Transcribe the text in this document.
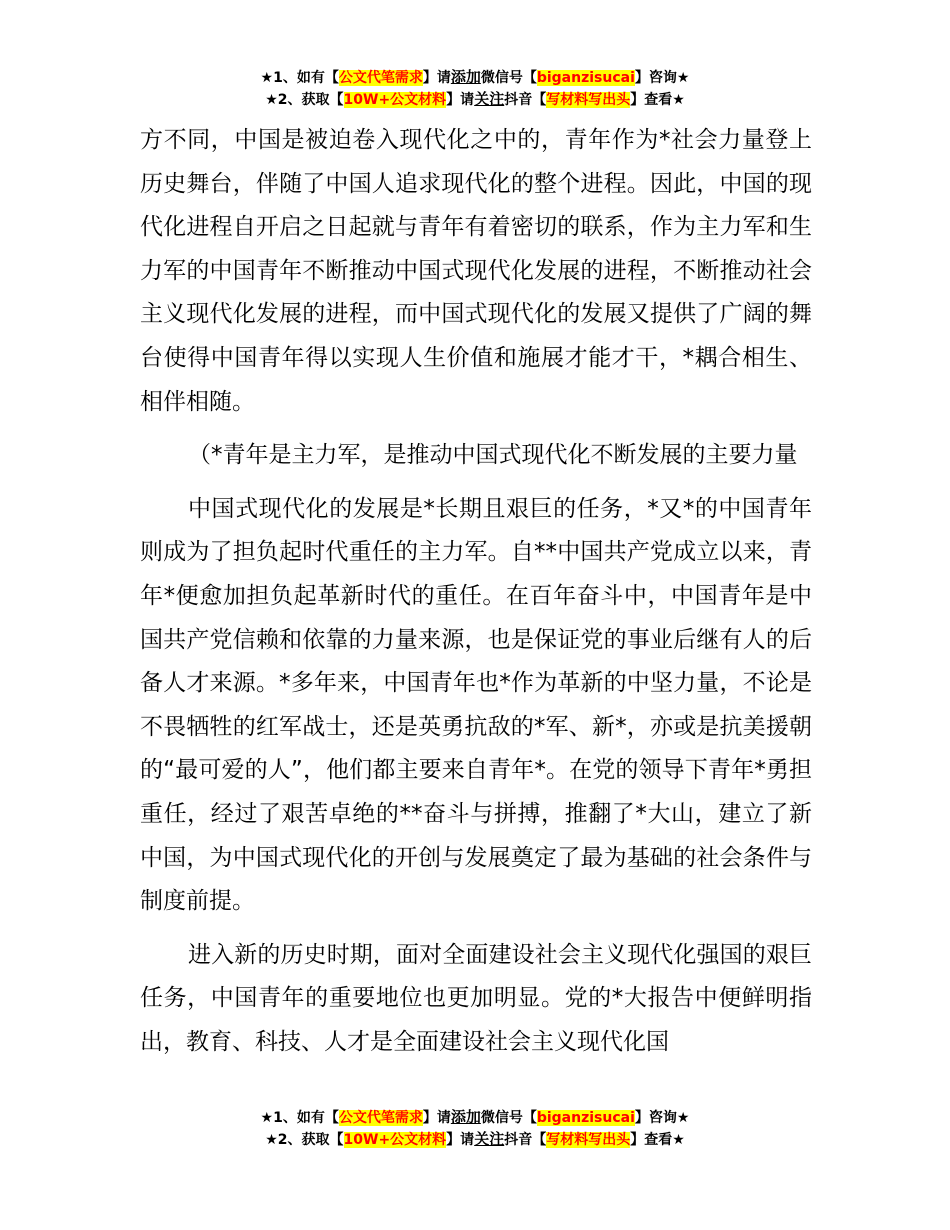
★1、如有【公文代笔需求】请添加微信号【biganzisucai】咨询★
★2、获取【10W+公文材料】请关注抖音【写材料写出头】查看★

方不同，中国是被迫卷入现代化之中的，青年作为*社会力量登上历史舞台，伴随了中国人追求现代化的整个进程。因此，中国的现代化进程自开启之日起就与青年有着密切的联系，作为主力军和生力军的中国青年不断推动中国式现代化发展的进程，不断推动社会主义现代化发展的进程，而中国式现代化的发展又提供了广阔的舞台使得中国青年得以实现人生价值和施展才能才干，*耦合相生、相伴相随。

（*青年是主力军，是推动中国式现代化不断发展的主要力量

中国式现代化的发展是*长期且艰巨的任务，*又*的中国青年则成为了担负起时代重任的主力军。自**中国共产党成立以来，青年*便愈加担负起革新时代的重任。在百年奋斗中，中国青年是中国共产党信赖和依靠的力量来源，也是保证党的事业后继有人的后备人才来源。*多年来，中国青年也*作为革新的中坚力量，不论是不畏牺牲的红军战士，还是英勇抗敌的*军、新*，亦或是抗美援朝的“最可爱的人”，他们都主要来自青年*。在党的领导下青年*勇担重任，经过了艰苦卓绝的**奋斗与拼搏，推翻了*大山，建立了新中国，为中国式现代化的开创与发展奠定了最为基础的社会条件与制度前提。

进入新的历史时期，面对全面建设社会主义现代化强国的艰巨任务，中国青年的重要地位也更加明显。党的*大报告中便鲜明指出，教育、科技、人才是全面建设社会主义现代化国

★1、如有【公文代笔需求】请添加微信号【biganzisucai】咨询★
★2、获取【10W+公文材料】请关注抖音【写材料写出头】查看★
